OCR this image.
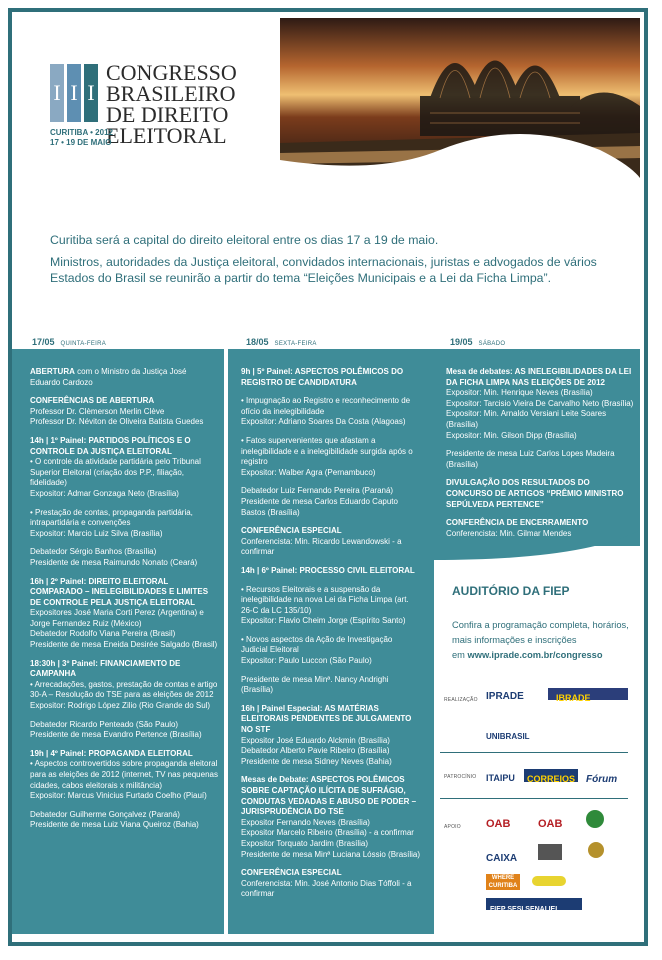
I I I
CONGRESSO
BRASILEIRO
DE DIREITO
ELEITORAL
CURITIBA • 2012
17 • 19 DE MAIO

Curitiba será a capital do direito eleitoral entre os dias 17 a 19 de maio.

Ministros, autoridades da Justiça eleitoral, convidados internacionais, juristas e advogados de vários Estados do Brasil se reunirão a partir do tema “Eleições Municipais e a Lei da Ficha Limpa”.

17/05 QUINTA-FEIRA	18/05 SEXTA-FEIRA	19/05 SÁBADO
ABERTURA com o Ministro da Justiça José Eduardo Cardozo
CONFERÊNCIAS DE ABERTURA
Professor Dr. Clèmerson Merlin Clève
Professor Dr. Néviton de Oliveira Batista Guedes
14h | 1º Painel: PARTIDOS POLÍTICOS E O CONTROLE DA JUSTIÇA ELEITORAL
• O controle da atividade partidária pelo Tribunal Superior Eleitoral (criação dos P.P., filiação, fidelidade)
Expositor: Admar Gonzaga Neto (Brasília)
• Prestação de contas, propaganda partidária, intrapartidária e convenções
Expositor: Marcio Luiz Silva (Brasília)
Debatedor Sérgio Banhos (Brasília)
Presidente de mesa Raimundo Nonato (Ceará)
16h | 2º Painel: DIREITO ELEITORAL COMPARADO – INELEGIBILIDADES E LIMITES DE CONTROLE PELA JUSTIÇA ELEITORAL
Expositores José Maria Corti Perez (Argentina) e Jorge Fernandez Ruiz (México)
Debatedor Rodolfo Viana Pereira (Brasil)
Presidente de mesa Eneida Desirée Salgado (Brasil)
18:30h | 3º Painel: FINANCIAMENTO DE CAMPANHA
• Arrecadações, gastos, prestação de contas e artigo 30-A – Resolução do TSE para as eleições de 2012
Expositor: Rodrigo López Zilio (Rio Grande do Sul)
Debatedor Ricardo Penteado (São Paulo)
Presidente de mesa Evandro Pertence (Brasília)
19h | 4º Painel: PROPAGANDA ELEITORAL
• Aspectos controvertidos sobre propaganda eleitoral para as eleições de 2012 (internet, TV nas pequenas cidades, cabos eleitorais x militância)
Expositor: Marcus Vinicius Furtado Coelho (Piauí)
Debatedor Guilherme Gonçalvez (Paraná)
Presidente de mesa Luiz Viana Queiroz (Bahia)
9h | 5º Painel: ASPECTOS POLÊMICOS DO REGISTRO DE CANDIDATURA
• Impugnação ao Registro e reconhecimento de ofício da inelegibilidade
Expositor: Adriano Soares Da Costa (Alagoas)
• Fatos supervenientes que afastam a inelegibilidade e a inelegibilidade surgida após o registro
Expositor: Walber Agra (Pernambuco)
Debatedor Luiz Fernando Pereira (Paraná)
Presidente de mesa Carlos Eduardo Caputo Bastos (Brasília)
CONFERÊNCIA ESPECIAL
Conferencista: Min. Ricardo Lewandowski - a confirmar
14h | 6º Painel: PROCESSO CIVIL ELEITORAL
• Recursos Eleitorais e a suspensão da inelegibilidade na nova Lei da Ficha Limpa (art. 26-C da LC 135/10)
Expositor: Flavio Cheim Jorge (Espírito Santo)
• Novos aspectos da Ação de Investigação Judicial Eleitoral
Expositor: Paulo Luccon (São Paulo)
Presidente de mesa Minª. Nancy Andrighi (Brasília)
16h | Painel Especial: AS MATÉRIAS ELEITORAIS PENDENTES DE JULGAMENTO NO STF
Expositor José Eduardo Alckmin (Brasília)
Debatedor Alberto Pavie Ribeiro (Brasília)
Presidente de mesa Sidney Neves (Bahia)
Mesas de Debate: ASPECTOS POLÊMICOS SOBRE CAPTAÇÃO ILÍCITA DE SUFRÁGIO, CONDUTAS VEDADAS E ABUSO DE PODER – JURISPRUDÊNCIA DO TSE
Expositor Fernando Neves (Brasília)
Expositor Marcelo Ribeiro (Brasília) - a confirmar
Expositor Torquato Jardim (Brasília)
Presidente de mesa Minª Luciana Lóssio (Brasília)
CONFERÊNCIA ESPECIAL
Conferencista: Min. José Antonio Dias Tóffoli - a confirmar
Mesa de debates: AS INELEGIBILIDADES DA LEI DA FICHA LIMPA NAS ELEIÇÕES DE 2012
Expositor: Min. Henrique Neves (Brasília)
Expositor: Tarcisio Vieira De Carvalho Neto (Brasília)
Expositor: Min. Arnaldo Versiani Leite Soares (Brasília)
Expositor: Min. Gilson Dipp (Brasília)
Presidente de mesa Luiz Carlos Lopes Madeira (Brasília)
DIVULGAÇÃO DOS RESULTADOS DO CONCURSO DE ARTIGOS “PRÊMIO MINISTRO SEPÚLVEDA PERTENCE”
CONFERÊNCIA DE ENCERRAMENTO
Conferencista: Min. Gilmar Mendes
AUDITÓRIO DA FIEP
Confira a programação completa, horários, mais informações e inscrições
em www.iprade.com.br/congresso
REALIZAÇÃO IPRADE	IBRADE
UNIBRASIL
PATROCÍNIO ITAIPU	CORREIOS	Fórum
APOIO OAB	OAB
CAIXA
WHERE CURITIBA
FIEP SESI SENAI IEL
